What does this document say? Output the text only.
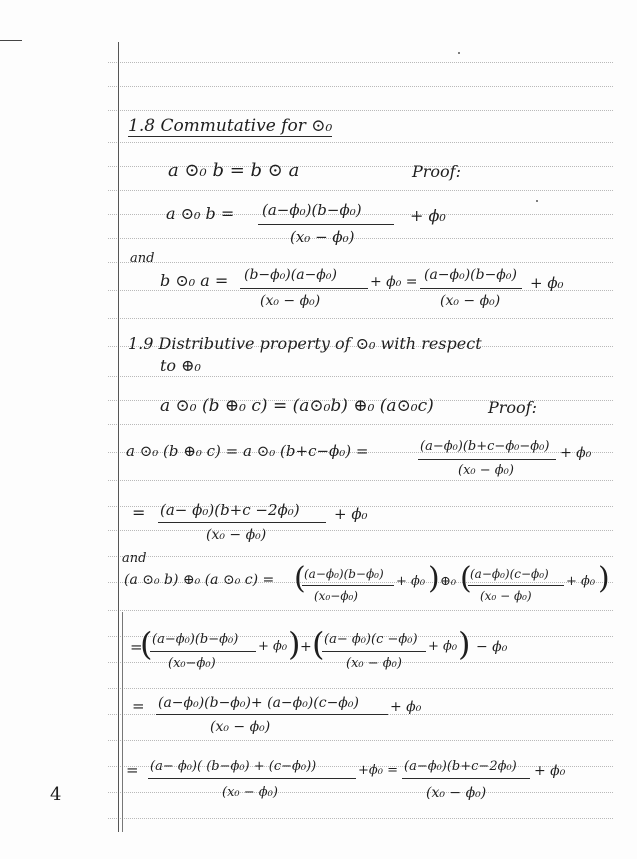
1.8 Commutative for ⊙₀
a ⊙₀ b = b ⊙ a	Proof:
a ⊙₀ b = (a−ϕ₀)(b−ϕ₀)
(x₀ − ϕ₀)
+ ϕ₀
and
b ⊙₀ a = (b−ϕ₀)(a−ϕ₀)
(x₀ − ϕ₀)
+ ϕ₀ = (a−ϕ₀)(b−ϕ₀)
(x₀ − ϕ₀)
+ ϕ₀
1.9 Distributive property of ⊙₀ with respect
to ⊕₀
a ⊙₀ (b ⊕₀ c) = (a⊙₀b) ⊕₀ (a⊙₀c)	Proof:
a ⊙₀ (b ⊕₀ c) = a ⊙₀ (b+c−ϕ₀) =	(a−ϕ₀)(b+c−ϕ₀−ϕ₀)
(x₀ − ϕ₀)
+ ϕ₀
= (a− ϕ₀)(b+c −2ϕ₀)
(x₀ − ϕ₀)
+ ϕ₀
and
(a ⊙₀ b) ⊕₀ (a ⊙₀ c) = (
(a−ϕ₀)(b−ϕ₀)
(x₀−ϕ₀)
+ ϕ₀ ) ⊕₀ (
(a−ϕ₀)(c−ϕ₀)
(x₀ − ϕ₀)
+ ϕ₀ )
=
( (a−ϕ₀)(b−ϕ₀)
(x₀−ϕ₀)
+ ϕ₀ ) + ( (a− ϕ₀)(c −ϕ₀)
(x₀ − ϕ₀)
+ ϕ₀ ) − ϕ₀
= (a−ϕ₀)(b−ϕ₀)+ (a−ϕ₀)(c−ϕ₀)
(x₀ − ϕ₀)
+ ϕ₀
= (a− ϕ₀)( (b−ϕ₀) + (c−ϕ₀))
(x₀ − ϕ₀)
+ϕ₀ = (a−ϕ₀)(b+c−2ϕ₀)
(x₀ − ϕ₀)
+ ϕ₀
4
